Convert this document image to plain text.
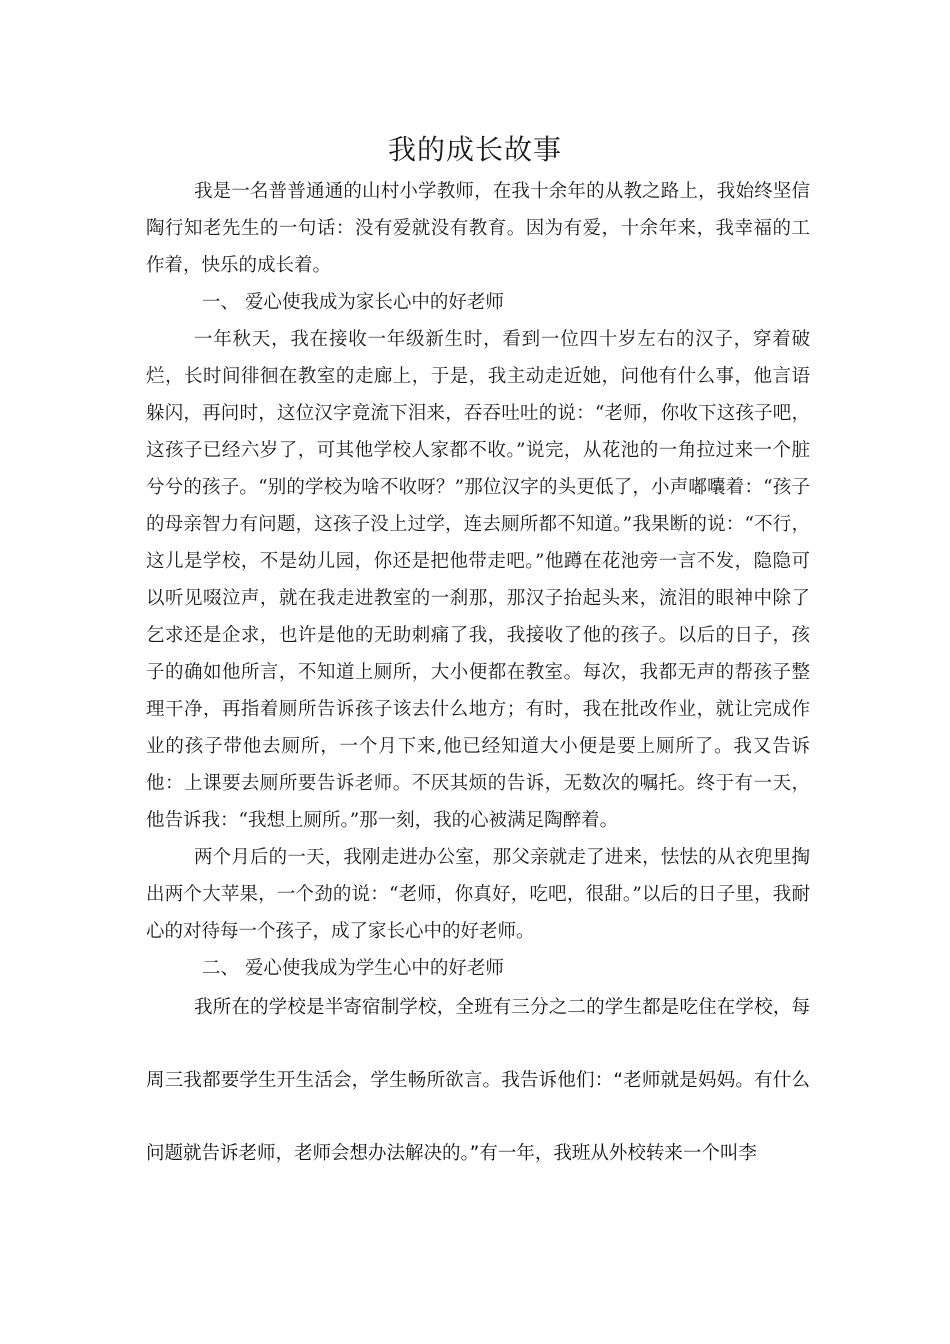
我的成长故事

我是一名普普通通的山村小学教师，在我十余年的从教之路上，我始终坚信陶行知老先生的一句话：没有爱就没有教育。因为有爱，十余年来，我幸福的工作着，快乐的成长着。

一、 爱心使我成为家长心中的好老师

一年秋天，我在接收一年级新生时，看到一位四十岁左右的汉子，穿着破烂，长时间徘徊在教室的走廊上，于是，我主动走近她，问他有什么事，他言语躲闪，再问时，这位汉字竟流下泪来，吞吞吐吐的说：“老师，你收下这孩子吧，这孩子已经六岁了，可其他学校人家都不收。”说完，从花池的一角拉过来一个脏兮兮的孩子。“别的学校为啥不收呀？”那位汉字的头更低了，小声嘟囔着：“孩子的母亲智力有问题，这孩子没上过学，连去厕所都不知道。”我果断的说：“不行，这儿是学校，不是幼儿园，你还是把他带走吧。”他蹲在花池旁一言不发，隐隐可以听见啜泣声，就在我走进教室的一刹那，那汉子抬起头来，流泪的眼神中除了乞求还是企求，也许是他的无助刺痛了我，我接收了他的孩子。以后的日子，孩子的确如他所言，不知道上厕所，大小便都在教室。每次，我都无声的帮孩子整理干净，再指着厕所告诉孩子该去什么地方；有时，我在批改作业，就让完成作业的孩子带他去厕所，一个月下来,他已经知道大小便是要上厕所了。我又告诉他：上课要去厕所要告诉老师。不厌其烦的告诉，无数次的嘱托。终于有一天，他告诉我：“我想上厕所。”那一刻，我的心被满足陶醉着。

两个月后的一天，我刚走进办公室，那父亲就走了进来，怯怯的从衣兜里掏出两个大苹果，一个劲的说：“老师，你真好，吃吧，很甜。”以后的日子里，我耐心的对待每一个孩子，成了家长心中的好老师。

二、 爱心使我成为学生心中的好老师

我所在的学校是半寄宿制学校，全班有三分之二的学生都是吃住在学校，每周三我都要学生开生活会，学生畅所欲言。我告诉他们：“老师就是妈妈。有什么问题就告诉老师，老师会想办法解决的。”有一年，我班从外校转来一个叫李
